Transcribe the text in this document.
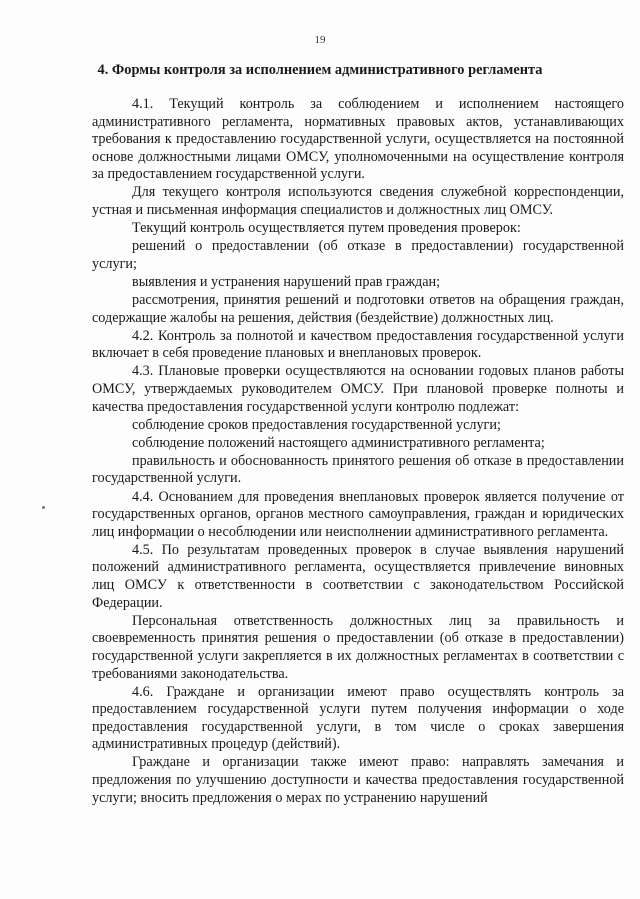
19
4. Формы контроля за исполнением административного регламента

4.1. Текущий контроль за соблюдением и исполнением настоящего административного регламента, нормативных правовых актов, устанавливающих требования к предоставлению государственной услуги, осуществляется на постоянной основе должностными лицами ОМСУ, уполномоченными на осуществление контроля за предоставлением государственной услуги.

Для текущего контроля используются сведения служебной корреспонденции, устная и письменная информация специалистов и должностных лиц ОМСУ.

Текущий контроль осуществляется путем проведения проверок:

решений о предоставлении (об отказе в предоставлении) государственной услуги;

выявления и устранения нарушений прав граждан;

рассмотрения, принятия решений и подготовки ответов на обращения граждан, содержащие жалобы на решения, действия (бездействие) должностных лиц.

4.2. Контроль за полнотой и качеством предоставления государственной услуги включает в себя проведение плановых и внеплановых проверок.

4.3. Плановые проверки осуществляются на основании годовых планов работы ОМСУ, утверждаемых руководителем ОМСУ. При плановой проверке полноты и качества предоставления государственной услуги контролю подлежат:

соблюдение сроков предоставления государственной услуги;

соблюдение положений настоящего административного регламента;

правильность и обоснованность принятого решения об отказе в предоставлении государственной услуги.

4.4. Основанием для проведения внеплановых проверок является получение от государственных органов, органов местного самоуправления, граждан и юридических лиц информации о несоблюдении или неисполнении административного регламента.

4.5. По результатам проведенных проверок в случае выявления нарушений положений административного регламента, осуществляется привлечение виновных лиц ОМСУ к ответственности в соответствии с законодательством Российской Федерации.

Персональная ответственность должностных лиц за правильность и своевременность принятия решения о предоставлении (об отказе в предоставлении) государственной услуги закрепляется в их должностных регламентах в соответствии с требованиями законодательства.

4.6. Граждане и организации имеют право осуществлять контроль за предоставлением государственной услуги путем получения информации о ходе предоставления государственной услуги, в том числе о сроках завершения административных процедур (действий).

Граждане и организации также имеют право: направлять замечания и предложения по улучшению доступности и качества предоставления государственной услуги; вносить предложения о мерах по устранению нарушений
